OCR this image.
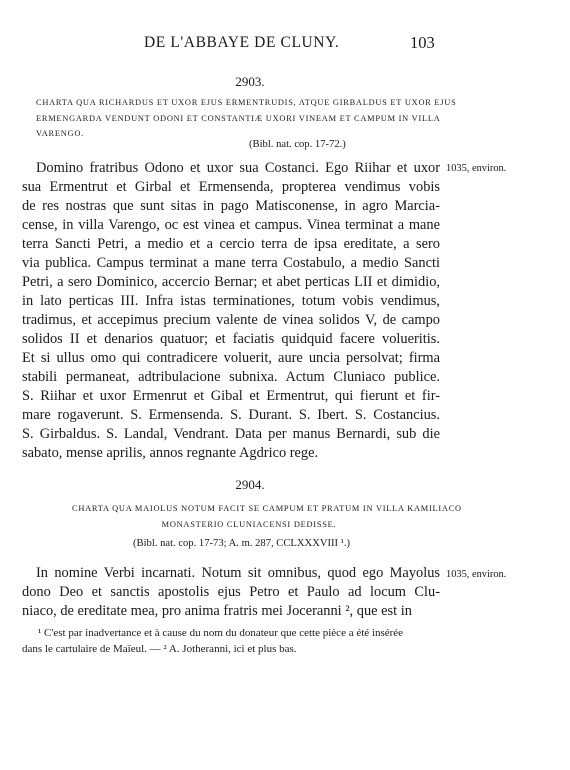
DE L'ABBAYE DE CLUNY.	103
2903.
CHARTA QUA RICHARDUS ET UXOR EJUS ERMENTRUDIS, ATQUE GIRBALDUS ET UXOR EJUS
ERMENGARDA VENDUNT ODONI ET CONSTANTIÆ UXORI VINEAM ET CAMPUM IN VILLA
VARENGO.
(Bibl. nat. cop. 17-72.)
1035, environ.
Domino fratribus Odono et uxor sua Costanci. Ego Riihar et uxor
sua Ermentrut et Girbal et Ermensenda, propterea vendimus vobis
de res nostras que sunt sitas in pago Matisconense, in agro Marcia-
cense, in villa Varengo, oc est vinea et campus. Vinea terminat a mane
terra Sancti Petri, a medio et a cercio terra de ipsa ereditate, a sero
via publica. Campus terminat a mane terra Costabulo, a medio Sancti
Petri, a sero Dominico, accercio Bernar; et abet perticas LII et dimidio,
in lato perticas III. Infra istas terminationes, totum vobis vendimus,
tradimus, et accepimus precium valente de vinea solidos V, de campo
solidos II et denarios quatuor; et faciatis quidquid facere volueritis.
Et si ullus omo qui contradicere voluerit, aure uncia persolvat; firma
stabili permaneat, adtribulacione subnixa. Actum Cluniaco publice.
S. Riihar et uxor Ermenrut et Gibal et Ermentrut, qui fierunt et fir-
mare rogaverunt. S. Ermensenda. S. Durant. S. Ibert. S. Costancius.
S. Girbaldus. S. Landal, Vendrant. Data per manus Bernardi, sub die
sabato, mense aprilis, annos regnante Agdrico rege.
2904.
CHARTA QUA MAIOLUS NOTUM FACIT SE CAMPUM ET PRATUM IN VILLA KAMILIACO
MONASTERIO CLUNIACENSI DEDISSE.
(Bibl. nat. cop. 17-73; A. m. 287, CCLXXXVIII ¹.)
1035, environ.
In nomine Verbi incarnati. Notum sit omnibus, quod ego Mayolus
dono Deo et sanctis apostolis ejus Petro et Paulo ad locum Clu-
niaco, de ereditate mea, pro anima fratris mei Joceranni ², que est in
¹ C'est par inadvertance et à cause du nom du donateur que cette pièce a été insérée
dans le cartulaire de Maïeul. — ² A. Jotheranni, ici et plus bas.
